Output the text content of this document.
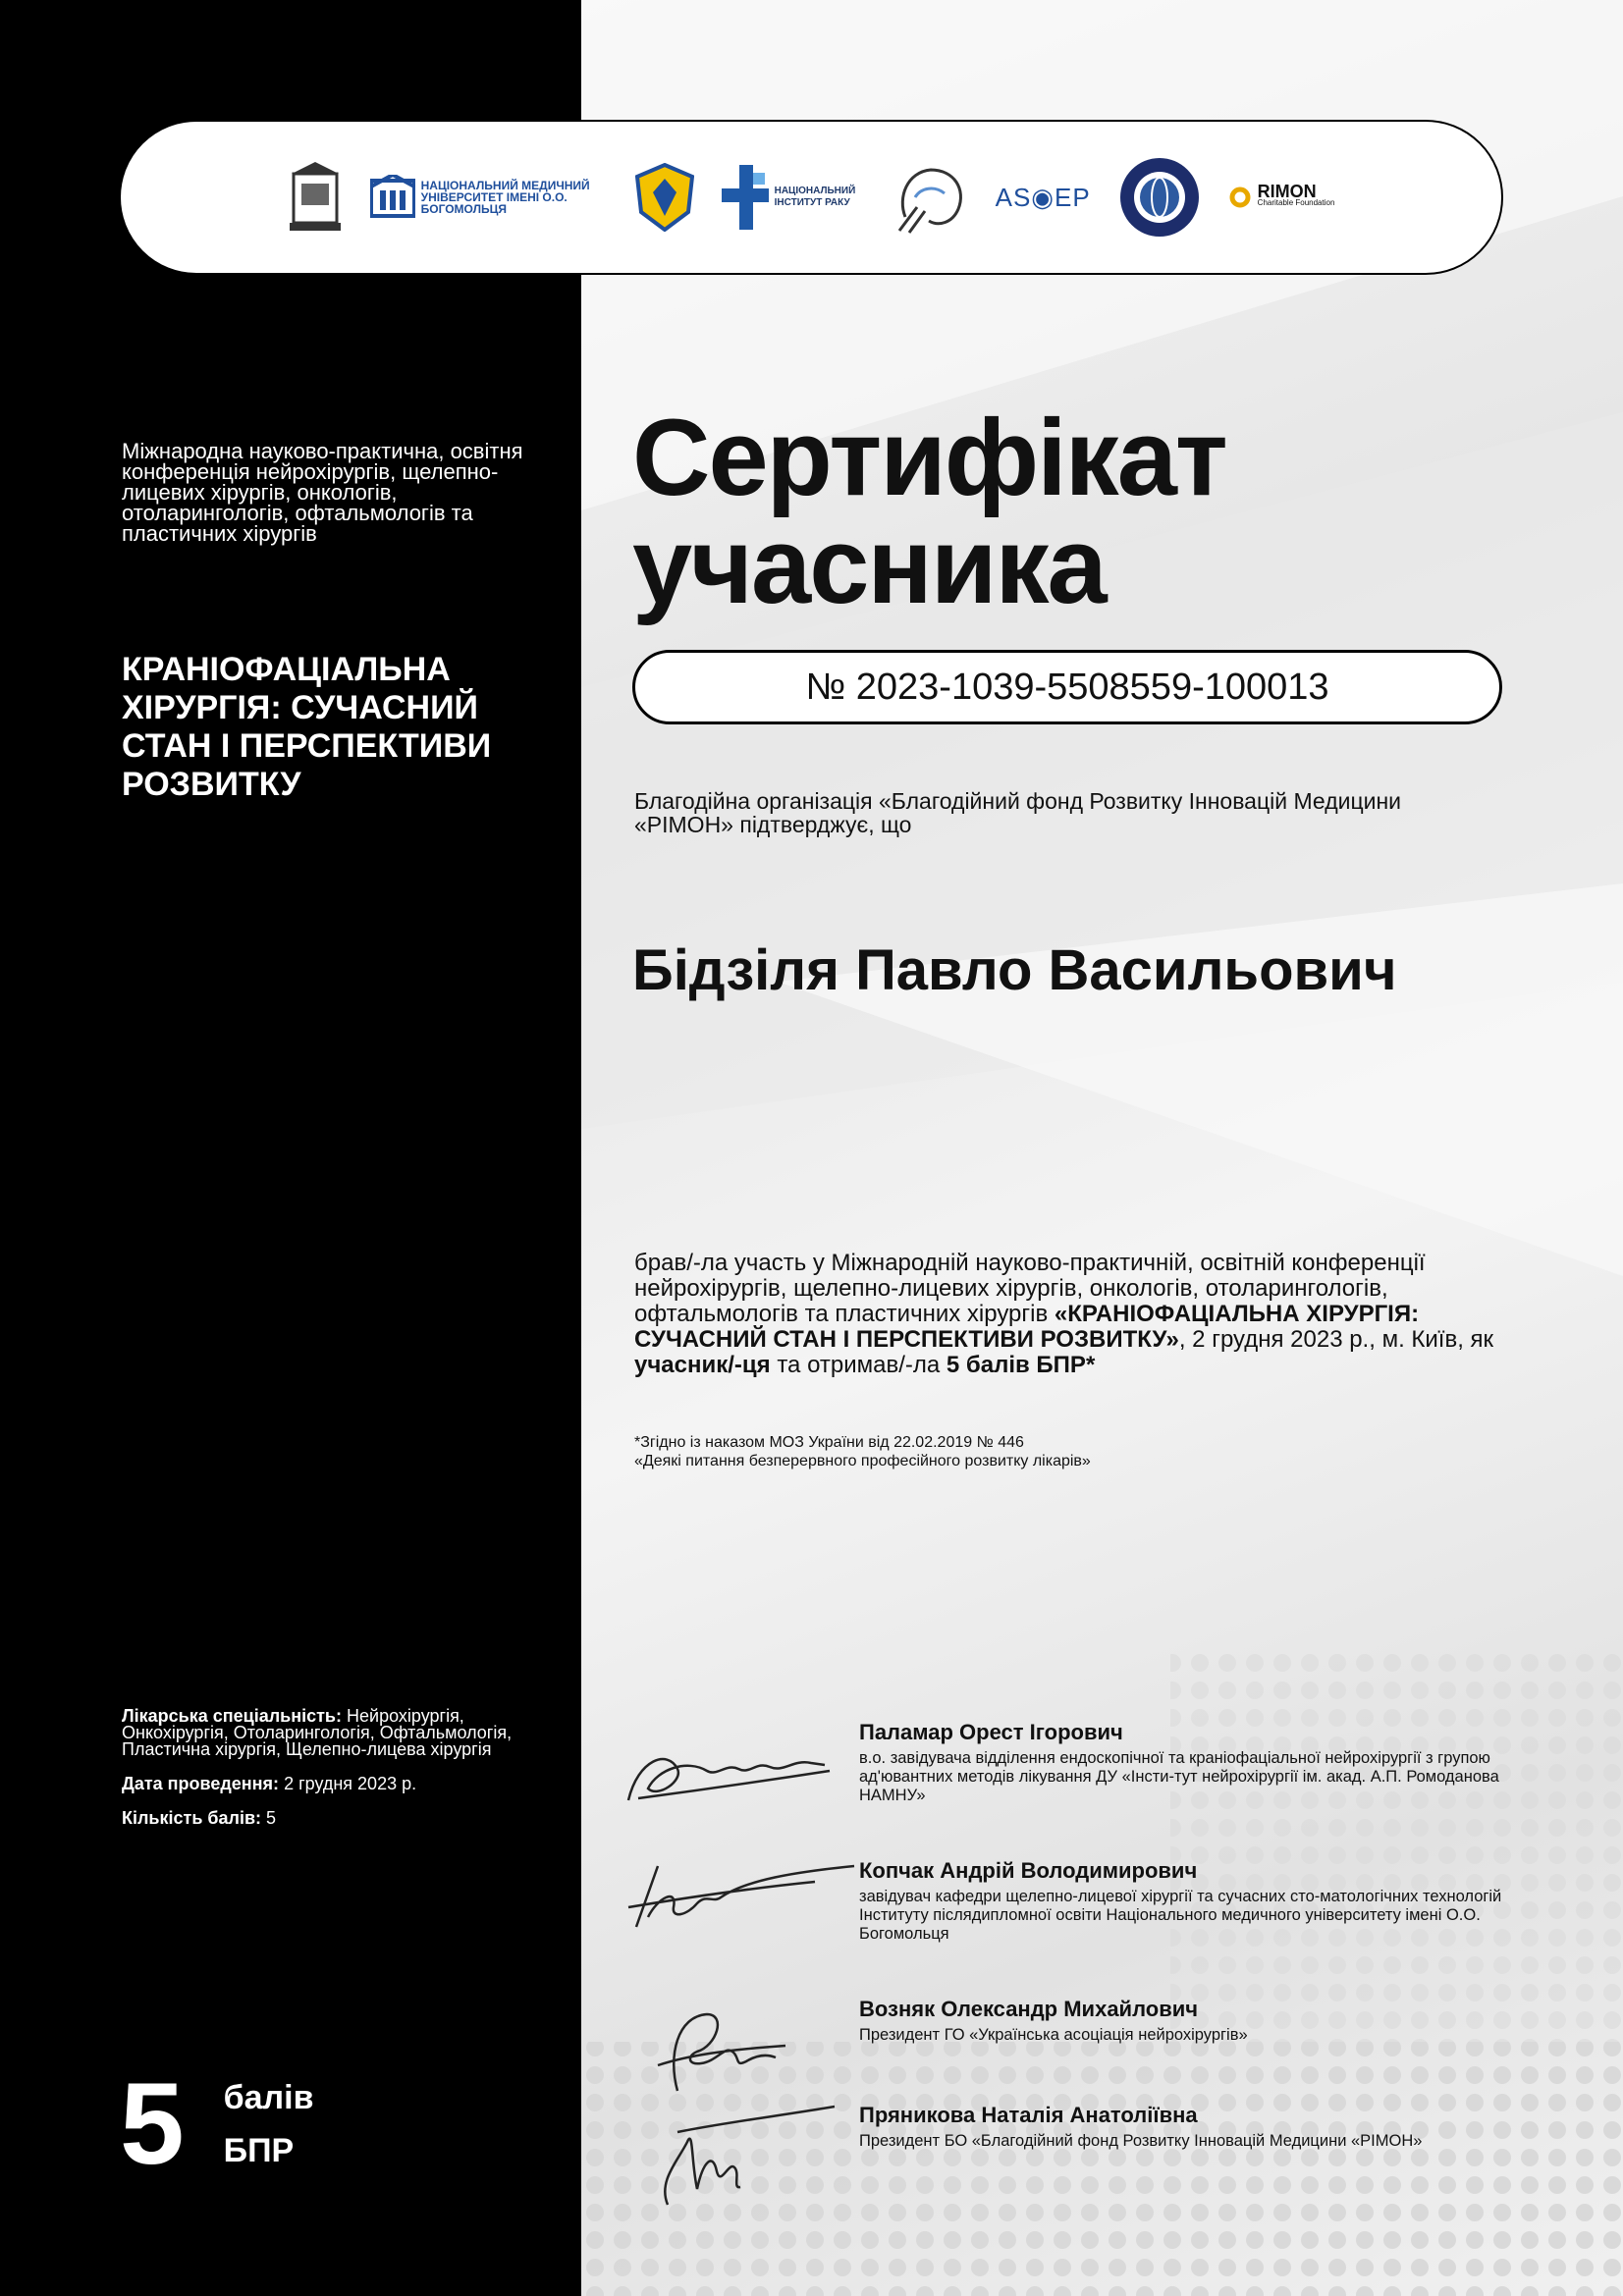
НАЦІОНАЛЬНИЙ МЕДИЧНИЙ УНІВЕРСИТЕТ ІМЕНІ О.О. БОГОМОЛЬЦЯ
НАЦІОНАЛЬНИЙ ІНСТИТУТ РАКУ	AS◉EP	RIMON
Charitable Foundation

Міжнародна науково-практична, освітня конференція нейрохірургів, щелепно-лицевих хірургів, онкологів, отоларингологів, офтальмологів та пластичних хірургів

КРАНІОФАЦІАЛЬНА ХІРУРГІЯ: СУЧАСНИЙ СТАН І ПЕРСПЕКТИВИ РОЗВИТКУ

Лікарська спеціальність: Нейрохірургія, Онкохірургія, Отоларингологія, Офтальмологія, Пластична хірургія, Щелепно-лицева хірургія

Дата проведення: 2 грудня 2023 р.

Кількість балів: 5

5 балів
БПР
Сертифікат
учасника
№ 2023-1039-5508559-100013

Благодійна організація «Благодійний фонд Розвитку Інновацій Медицини «РІМОН» підтверджує, що

Бідзіля Павло Васильович

брав/-ла участь у Міжнародній науково-практичній, освітній конференції нейрохірургів, щелепно-лицевих хірургів, онкологів, отоларингологів, офтальмологів та пластичних хірургів «КРАНІОФАЦІАЛЬНА ХІРУРГІЯ: СУЧАСНИЙ СТАН І ПЕРСПЕКТИВИ РОЗВИТКУ», 2 грудня 2023 р., м. Київ, як учасник/-ця та отримав/-ла 5 балів БПР*

*Згідно із наказом МОЗ України від 22.02.2019 № 446
«Деякі питання безперервного професійного розвитку лікарів»

Паламар Орест Ігорович

в.о. завідувача відділення ендоскопічної та краніофаціальної нейрохірургії з групою ад'ювантних методів лікування ДУ «Інсти-тут нейрохірургії ім. акад. А.П. Ромоданова НАМНУ»

Копчак Андрій Володимирович

завідувач кафедри щелепно-лицевої хірургії та сучасних сто-матологічних технологій Інституту післядипломної освіти Національного медичного університету імені О.О. Богомольця

Возняк Олександр Михайлович

Президент ГО «Українська асоціація нейрохірургів»

Пряникова Наталія Анатоліївна

Президент БО «Благодійний фонд Розвитку Інновацій Медицини «РІМОН»
